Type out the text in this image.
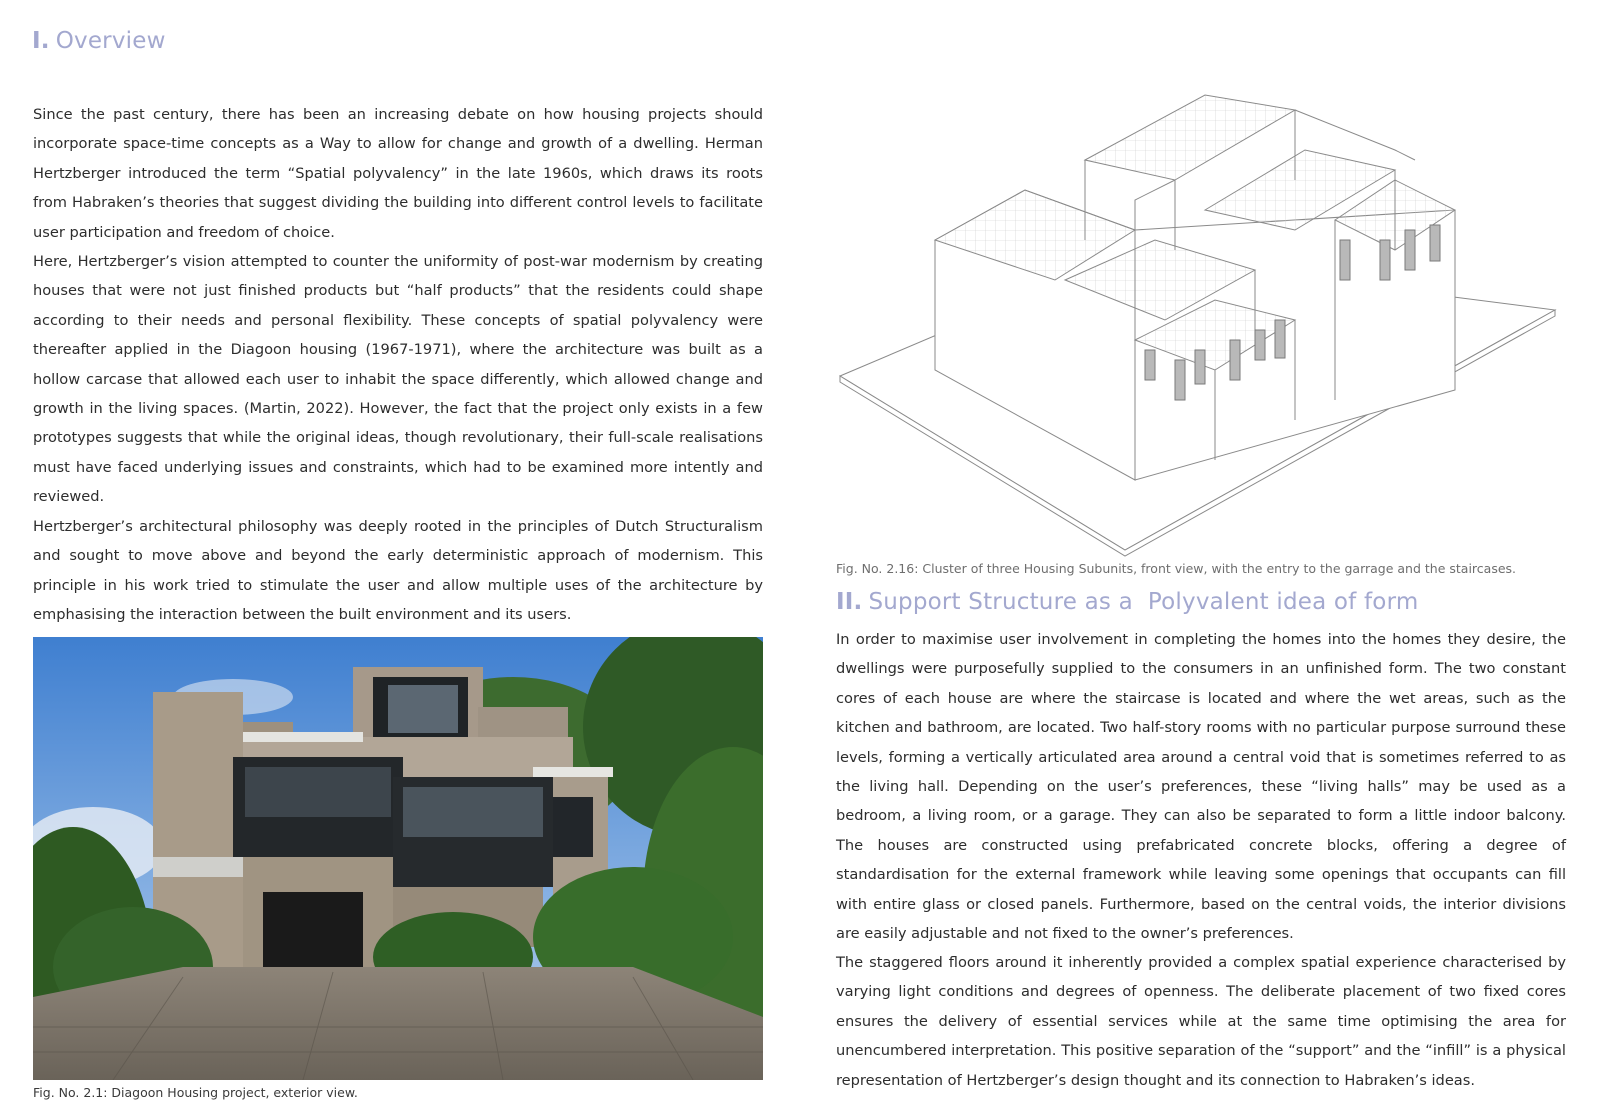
I. Overview

Since the past century, there has been an increasing debate on how housing projects should incorporate space-time concepts as a Way to allow for change and growth of a dwelling. Herman Hertzberger introduced the term “Spatial polyvalency” in the late 1960s, which draws its roots from Habraken’s theories that suggest dividing the building into different control levels to facilitate user participation and freedom of choice.

Here, Hertzberger’s vision attempted to counter the uniformity of post-war modernism by creating houses that were not just finished products but “half products” that the residents could shape according to their needs and personal flexibility. These concepts of spatial polyvalency were thereafter applied in the Diagoon housing (1967-1971), where the architecture was built as a hollow carcase that allowed each user to inhabit the space differently, which allowed change and growth in the living spaces. (Martin, 2022). However, the fact that the project only exists in a few prototypes suggests that while the original ideas, though revolutionary, their full-scale realisations must have faced underlying issues and constraints, which had to be examined more intently and reviewed.

Hertzberger’s architectural philosophy was deeply rooted in the principles of Dutch Structuralism and sought to move above and beyond the early deterministic approach of modernism. This principle in his work tried to stimulate the user and allow multiple uses of the architecture by emphasising the interaction between the built environment and its users.

Fig. No. 2.1: Diagoon Housing project, exterior view.

Fig. No. 2.16: Cluster of three Housing Subunits, front view, with the entry to the garrage and the staircases.

II. Support Structure as a  Polyvalent idea of form

In order to maximise user involvement in completing the homes into the homes they desire, the dwellings were purposefully supplied to the consumers in an unfinished form. The two constant cores of each house are where the staircase is located and where the wet areas, such as the kitchen and bathroom, are located. Two half-story rooms with no particular purpose surround these levels, forming a vertically articulated area around a central void that is sometimes referred to as the living hall. Depending on the user’s preferences, these “living halls” may be used as a bedroom, a living room, or a garage. They can also be separated to form a little indoor balcony. The houses are constructed using prefabricated concrete blocks, offering a degree of standardisation for the external framework while leaving some openings that occupants can fill with entire glass or closed panels. Furthermore, based on the central voids, the interior divisions are easily adjustable and not fixed to the owner’s preferences.

The staggered floors around it inherently provided a complex spatial experience characterised by varying light conditions and degrees of openness. The deliberate placement of two fixed cores ensures the delivery of essential services while at the same time optimising the area for unencumbered interpretation. This positive separation of the “support” and the “infill” is a physical representation of Hertzberger’s design thought and its connection to Habraken’s ideas.
